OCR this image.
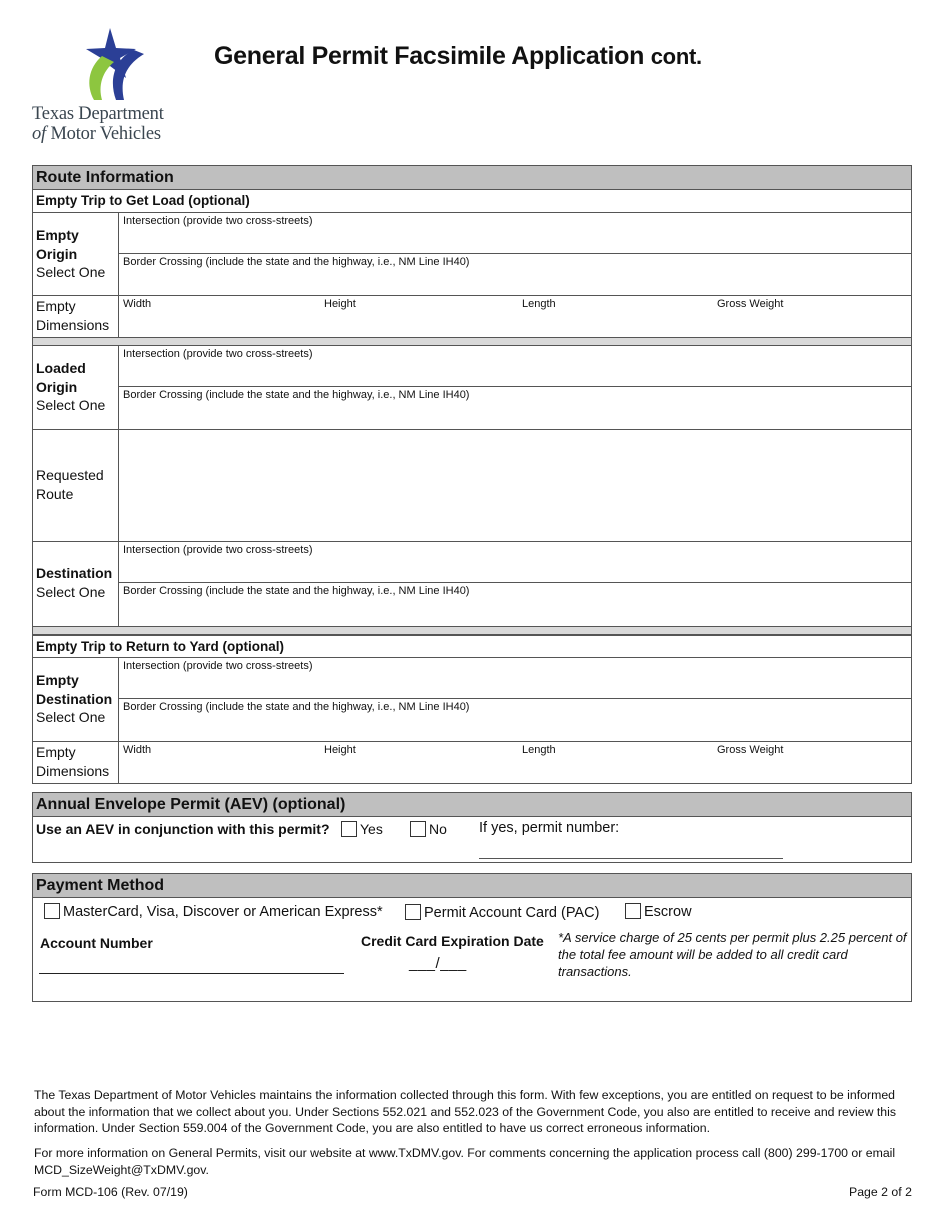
Texas Department
of Motor Vehicles
General Permit Facsimile Application cont.
Route Information
Empty Trip to Get Load (optional)
Empty
Origin
Select One
Intersection (provide two cross-streets)
Border Crossing (include the state and the highway, i.e., NM Line IH40)
Empty
Dimensions
Width	Height	Length	Gross Weight
Loaded
Origin
Select One
Intersection (provide two cross-streets)
Border Crossing (include the state and the highway, i.e., NM Line IH40)
Requested
Route
Destination
Select One
Intersection (provide two cross-streets)
Border Crossing (include the state and the highway, i.e., NM Line IH40)
Empty Trip to Return to Yard (optional)
Empty
Destination
Select One
Intersection (provide two cross-streets)
Border Crossing (include the state and the highway, i.e., NM Line IH40)
Empty
Dimensions
Width	Height	Length	Gross Weight
Annual Envelope Permit (AEV) (optional)
Use an AEV in conjunction with this permit?	Yes	No If yes, permit number:
Payment Method
MasterCard, Visa, Discover or American Express*	Permit Account Card (PAC)	Escrow
Account Number	Credit Card Expiration Date
___/___
*A service charge of 25 cents per permit plus 2.25 percent of the total fee amount will be added to all credit card transactions.

The Texas Department of Motor Vehicles maintains the information collected through this form. With few exceptions, you are entitled on request to be informed about the information that we collect about you. Under Sections 552.021 and 552.023 of the Government Code, you also are entitled to receive and review this information. Under Section 559.004 of the Government Code, you are also entitled to have us correct erroneous information.

For more information on General Permits, visit our website at www.TxDMV.gov. For comments concerning the application process call (800) 299-1700 or email MCD_SizeWeight@TxDMV.gov.

Form MCD-106 (Rev. 07/19)	Page 2 of 2
